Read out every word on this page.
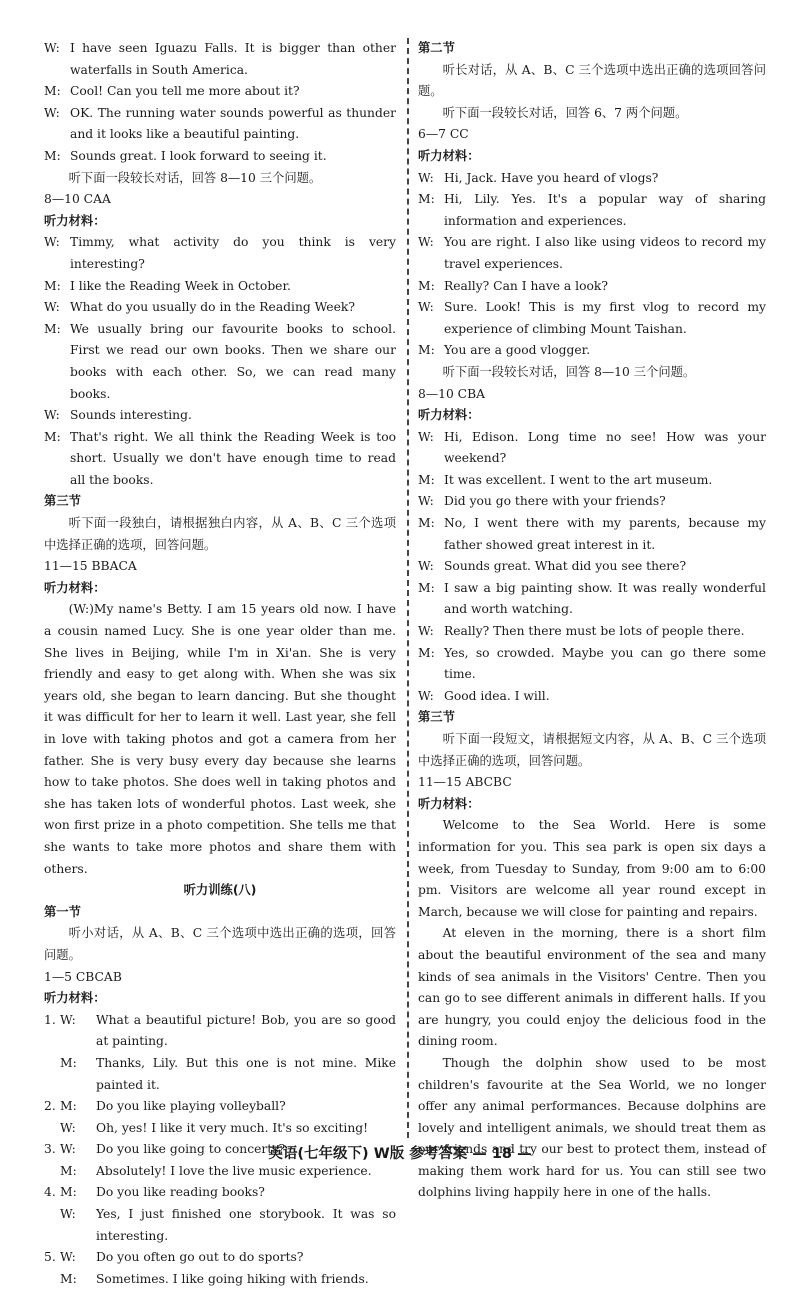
W: I have seen Iguazu Falls. It is bigger than other waterfalls in South America.

M: Cool! Can you tell me more about it?

W: OK. The running water sounds powerful as thunder and it looks like a beautiful painting.

M: Sounds great. I look forward to seeing it.

听下面一段较长对话，回答 8—10 三个问题。

8—10 CAA

听力材料：

W: Timmy, what activity do you think is very interesting?

M: I like the Reading Week in October.

W: What do you usually do in the Reading Week?

M: We usually bring our favourite books to school. First we read our own books. Then we share our books with each other. So, we can read many books.

W: Sounds interesting.

M: That's right. We all think the Reading Week is too short. Usually we don't have enough time to read all the books.

第三节

听下面一段独白，请根据独白内容，从 A、B、C 三个选项中选择正确的选项，回答问题。

11—15 BBACA

听力材料：

(W:)My name's Betty. I am 15 years old now. I have a cousin named Lucy. She is one year older than me. She lives in Beijing, while I'm in Xi'an. She is very friendly and easy to get along with. When she was six years old, she began to learn dancing. But she thought it was difficult for her to learn it well. Last year, she fell in love with taking photos and got a camera from her father. She is very busy every day because she learns how to take photos. She does well in taking photos and she has taken lots of wonderful photos. Last week, she won first prize in a photo competition. She tells me that she wants to take more photos and share them with others.

听力训练(八)

第一节

听小对话，从 A、B、C 三个选项中选出正确的选项，回答问题。

1—5 CBCAB

听力材料：

1. W:	What a beautiful picture! Bob, you are so good at painting.

M:	Thanks, Lily. But this one is not mine. Mike painted it.

2. M:	Do you like playing volleyball?

W:	Oh, yes! I like it very much. It's so exciting!

3. W:	Do you like going to concerts?

M:	Absolutely! I love the live music experience.

4. M:	Do you like reading books?

W:	Yes, I just finished one storybook. It was so interesting.

5. W:	Do you often go out to do sports?

M:	Sometimes. I like going hiking with friends.

第二节

听长对话，从 A、B、C 三个选项中选出正确的选项回答问题。

听下面一段较长对话，回答 6、7 两个问题。

6—7 CC

听力材料：

W: Hi, Jack. Have you heard of vlogs?

M: Hi, Lily. Yes. It's a popular way of sharing information and experiences.

W: You are right. I also like using videos to record my travel experiences.

M: Really? Can I have a look?

W: Sure. Look! This is my first vlog to record my experience of climbing Mount Taishan.

M: You are a good vlogger.

听下面一段较长对话，回答 8—10 三个问题。

8—10 CBA

听力材料：

W: Hi, Edison. Long time no see! How was your weekend?

M: It was excellent. I went to the art museum.

W: Did you go there with your friends?

M: No, I went there with my parents, because my father showed great interest in it.

W: Sounds great. What did you see there?

M: I saw a big painting show. It was really wonderful and worth watching.

W: Really? Then there must be lots of people there.

M: Yes, so crowded. Maybe you can go there some time.

W: Good idea. I will.

第三节

听下面一段短文，请根据短文内容，从 A、B、C 三个选项中选择正确的选项，回答问题。

11—15 ABCBC

听力材料：

Welcome to the Sea World. Here is some information for you. This sea park is open six days a week, from Tuesday to Sunday, from 9:00 am to 6:00 pm. Visitors are welcome all year round except in March, because we will close for painting and repairs.

At eleven in the morning, there is a short film about the beautiful environment of the sea and many kinds of sea animals in the Visitors' Centre. Then you can go to see different animals in different halls. If you are hungry, you could enjoy the delicious food in the dining room.

Though the dolphin show used to be most children's favourite at the Sea World, we no longer offer any animal performances. Because dolphins are lovely and intelligent animals, we should treat them as our friends and try our best to protect them, instead of making them work hard for us. You can still see two dolphins living happily here in one of the halls.

英语(七年级下) W版 参考答案 — 18 —
